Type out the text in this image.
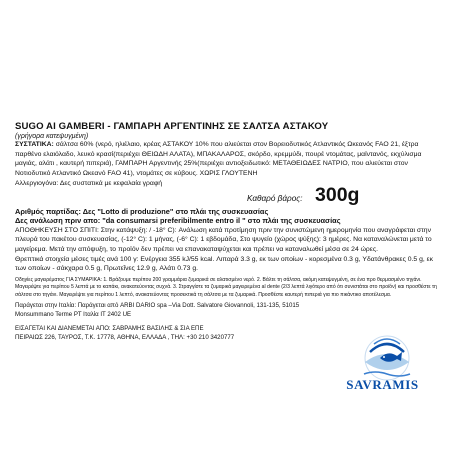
SUGO AI GAMBERI - ΓΑΜΠΑΡΗ ΑΡΓΕΝΤΙΝΗΣ ΣΕ ΣΑΛΤΣΑ ΑΣΤΑΚΟΥ
(γρήγορα κατεψυγμένη)

ΣΥΣΤΑΤΙΚΑ: σάλτσα 60% (νερό, ηλιέλαιο, κρέας ΑΣΤΑΚΟΥ 10% που αλιεύεται στον Βορειοδυτικός Ατλαντικός Ωκεανός FAO 21, έξτρα παρθένο ελαιόλαδο, λευκό κρασί(περιέχει ΘΕΙΩΔΗ ΑΛΑΤΑ), ΜΠΑΚΑΛΑΡΟΣ, σκόρδο, κρεμμύδι, πουρέ ντομάτας, μαϊντανός, εκχύλισμα μαγιάς, αλάτι , καυτερή πιπεριά), ΓΑΜΠΑΡΗ Αργεντινής 25%(περιέχει αντιοξειδωτικό: ΜΕΤΑΘΕΙΩΔΕΣ ΝΑΤΡΙΟ, που αλιεύεται στον Νοτιοδυτικό Ατλαντικό Ωκεανό FAO 41), ντομάτες σε κύβους. ΧΩΡΙΣ ΓΛΟΥΤΕΝΗ

Αλλεργιογόνα: Δες συστατικά με κεφαλαία γραφή

Καθαρό βάρος: 300g
Αριθμός παρτίδας: Δες "Lotto di produzione" στο πλάι της συσκευασίας
Δες ανάλωση πριν απο: "da consumarsi preferibilmente entro il " στο πλάι της συσκευασίας

ΑΠΟΘΗΚΕΥΣΗ ΣΤΟ ΣΠΙΤΙ: Στην κατάψυξη: / -18° C): Ανάλωση κατά προτίμηση πριν την συνιστώμενη ημερομηνία που αναγράφεται στην πλευρά του πακέτου συσκευασίας, (-12° C): 1 μήνας, (-6° C): 1 εβδομάδα, Στο ψυγείο (χώρος ψύξης): 3 ημέρες. Να καταναλώνεται μετά το μαγείρεμα. Μετά την απόψυξη, το προϊόν δεν πρέπει να επανακαταψύχεται και πρέπει να καταναλωθεί μέσα σε 24 ώρες.

Θρεπτικά στοιχεία μέσες τιμές ανά 100 γ: Ενέργεια 355 kJ/55 kcal. Λιπαρά 3.3 g, εκ των οποίων - κορεσμένα 0.3 g, Υδατάνθρακες 0.5 g, εκ των οποίων - σάκχαρα 0.5 g, Πρωτεΐνες 12.9 g, Αλάτι 0.73 g.

Οδηγίες μαγειρέματος ΓΙΑ ΣΥΜΑΡΙΚΑ: 1. Βράζουμε περίπου 200 γραμμάρια ζυμαρικά σε αλατισμένο νερό. 2. Βάλτε τη σάλτσα, ακόμη κατεψυγμένη, σε ένα προ θερμασμένο τηγάνι. Μαγειρέψτε για περίπου 5 λεπτά με το καπάκι, ανακατεύοντας συχνά. 3. Στραγγίστε τα ζυμαρικά μαγειρεμένα al dente (2/3 λεπτά λιγότερο από ότι συνιστάται στο προϊόν) και προσθέστε τη σάλτσα στο τηγάνι. Μαγειρέψτε για περίπου 1 λεπτό, ανακατεύοντας προσεκτικά τη σάλτσα με τα ζυμαρικά. Προσθέστε καυτερή πιπεριά για πιο πικάντικο αποτέλεσμα.

Παράγεται στην Ιταλία: Παράγεται από ARBI DARIO spa –Via Dott. Salvatore Giovannoli, 131-135, 51015 Monsummano Terme PT Ιταλία IT 2402 UE

ΕΙΣΑΓΕΤΑΙ ΚΑΙ ΔΙΑΝΕΜΕΤΑΙ ΑΠΟ: ΣΑΒΡΑΜΗΣ ΒΑΣΙΛΗΣ & ΣΙΑ ΕΠΕ

ΠΕΙΡΑΙΩΣ 226, ΤΑΥΡΟΣ, Τ.Κ. 17778, ΑΘΗΝΑ, ΕΛΛΑΔΑ , ΤΗΛ: +30 210 3420777

SAVRAMIS
